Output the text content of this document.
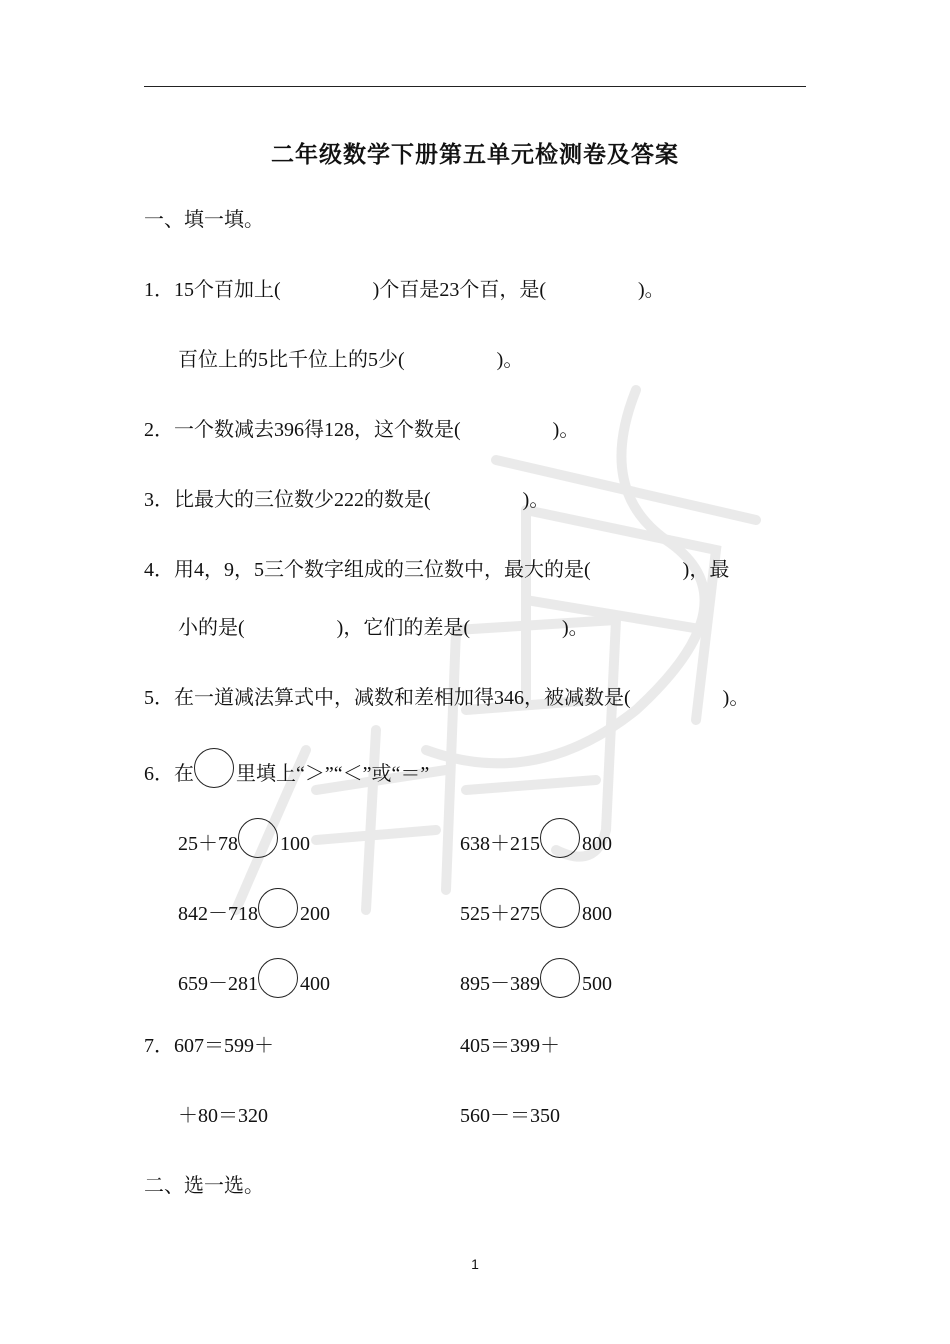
二年级数学下册第五单元检测卷及答案
一、填一填。
1．15个百加上(	)个百是23个百，是(	)。
百位上的5比千位上的5少(	)。
2．一个数减去396得128，这个数是(	)。
3．比最大的三位数少222的数是(	)。
4．用4，9，5三个数字组成的三位数中，最大的是(	)，最
小的是(	)，它们的差是(	)。
5．在一道减法算式中，减数和差相加得346，被减数是(	)。
6．在 里填上“＞”“＜”或“＝”
25＋78 100	638＋215 800
842－718 200	525＋275 800
659－281 400	895－389 500
7．607＝599＋	405＝399＋
＋80＝320	560－＝350
二、选一选。
1
